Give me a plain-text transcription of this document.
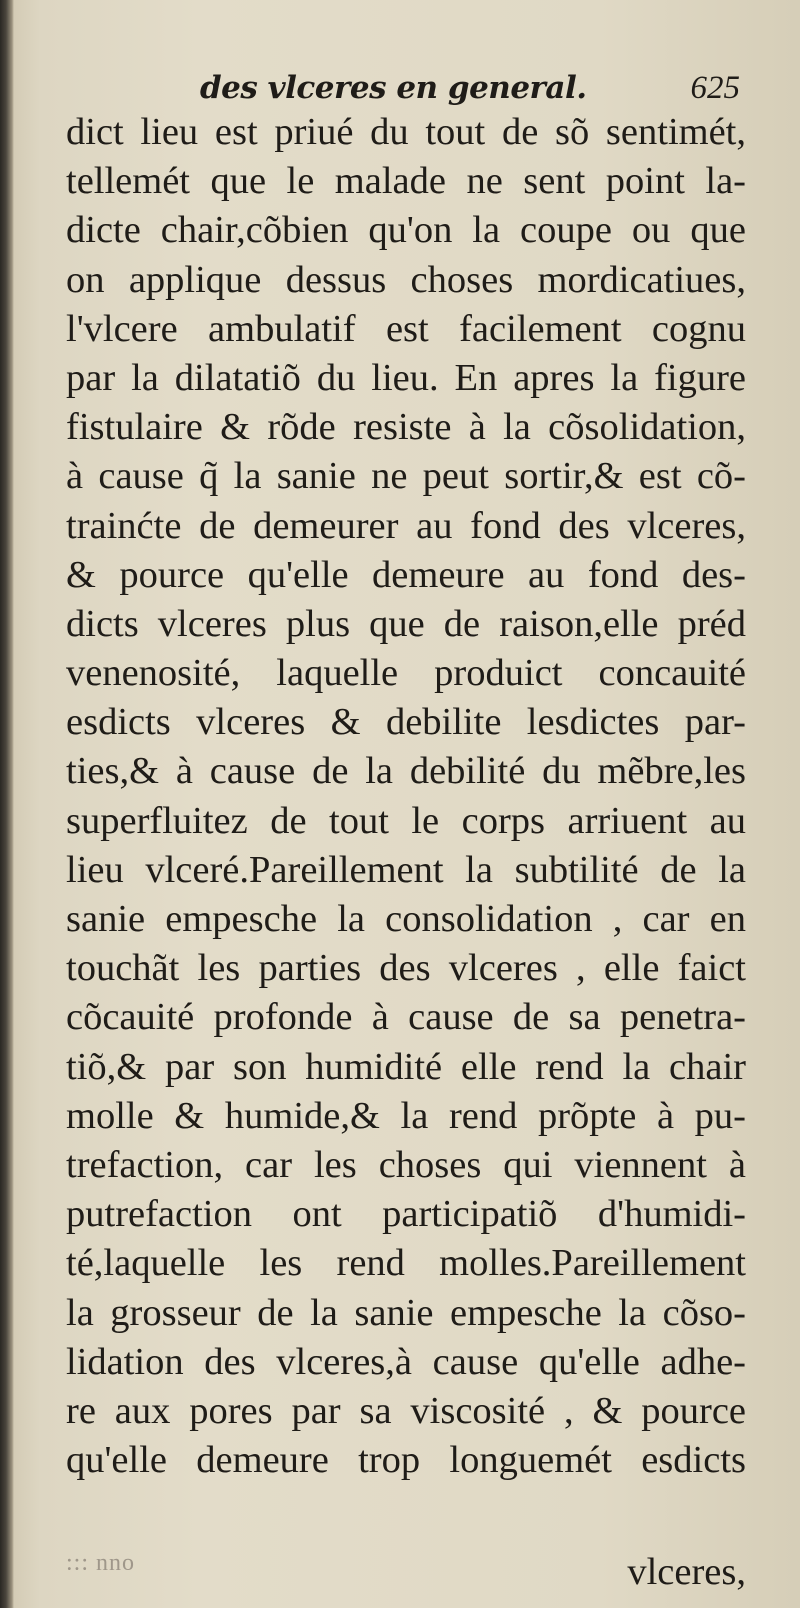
des vlceres en general.	625
dict lieu est priué du tout de sõ sentimét,
tellemét que le malade ne sent point la-
dicte chair,cõbien qu'on la coupe ou que
on applique dessus choses mordicatiues,
l'vlcere ambulatif est facilement cognu
par la dilatatiõ du lieu. En apres la figure
fistulaire & rõde resiste à la cõsolidation,
à cause q̃ la sanie ne peut sortir,& est cõ-
trainćte de demeurer au fond des vlceres,
& pource qu'elle demeure au fond des-
dicts vlceres plus que de raison,elle préd
venenosité, laquelle produict concauité
esdicts vlceres & debilite lesdictes par-
ties,& à cause de la debilité du mẽbre,les
superfluitez de tout le corps arriuent au
lieu vlceré.Pareillement la subtilité de la
sanie empesche la consolidation , car en
touchãt les parties des vlceres , elle faict
cõcauité profonde à cause de sa penetra-
tiõ,& par son humidité elle rend la chair
molle & humide,& la rend prõpte à pu-
trefaction, car les choses qui viennent à
putrefaction ont participatiõ d'humidi-
té,laquelle les rend molles.Pareillement
la grosseur de la sanie empesche la cõso-
lidation des vlceres,à cause qu'elle adhe-
re aux pores par sa viscosité , & pource
qu'elle demeure trop longuemét esdicts
::: nno	vlceres,
